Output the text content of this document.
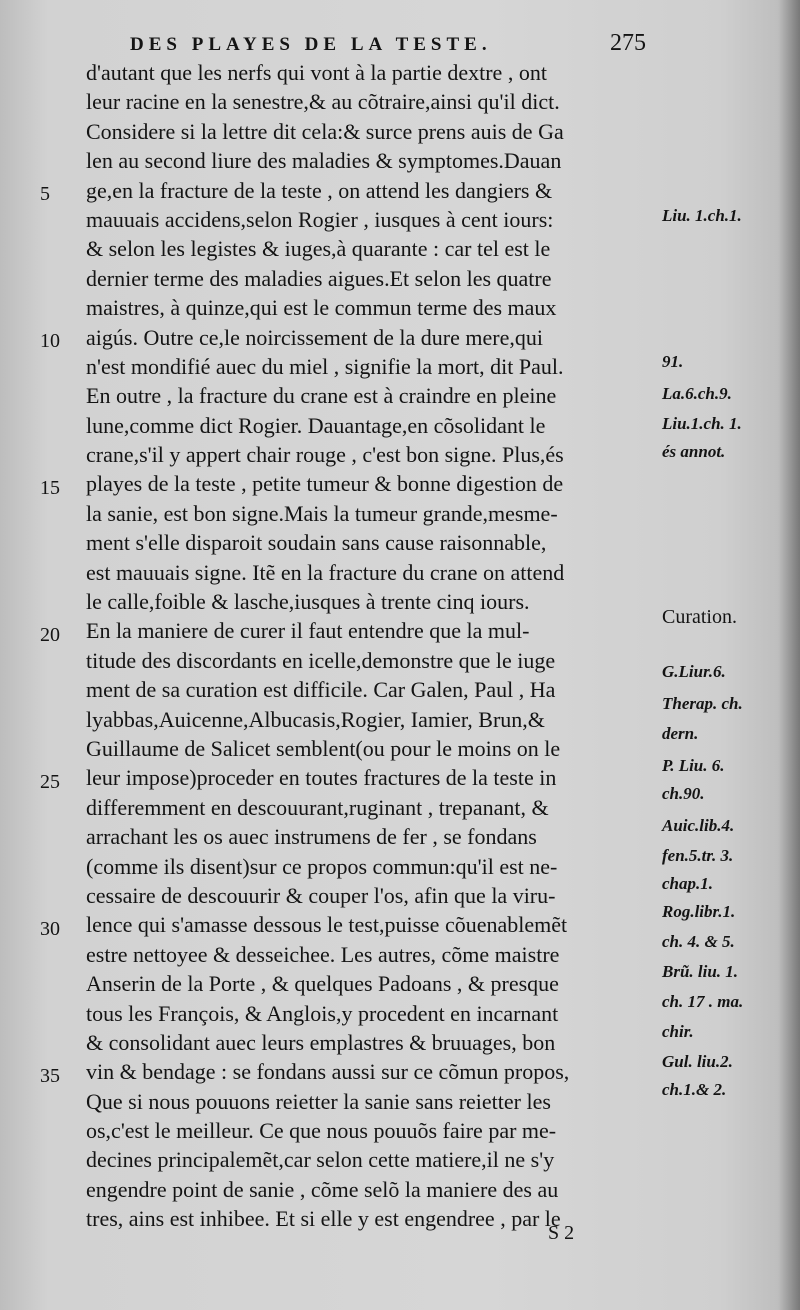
DES PLAYES DE LA TESTE.	275
d'autant que les nerfs qui vont à la partie dextre , ont
leur racine en la senestre,& au cõtraire,ainsi qu'il dict.
Considere si la lettre dit cela:& surce prens auis de Ga
len au second liure des maladies & symptomes.Dauan
ge,en la fracture de la teste , on attend les dangiers &
mauuais accidens,selon Rogier , iusques à cent iours:
& selon les legistes & iuges,à quarante : car tel est le
dernier terme des maladies aigues.Et selon les quatre
maistres, à quinze,qui est le commun terme des maux
aigús. Outre ce,le noircissement de la dure mere,qui
n'est mondifié auec du miel , signifie la mort, dit Paul.
En outre , la fracture du crane est à craindre en pleine
lune,comme dict Rogier. Dauantage,en cõsolidant le
crane,s'il y appert chair rouge , c'est bon signe. Plus,és
playes de la teste , petite tumeur & bonne digestion de
la sanie, est bon signe.Mais la tumeur grande,mesme-
ment s'elle disparoit soudain sans cause raisonnable,
est mauuais signe. Itẽ en la fracture du crane on attend
le calle,foible & lasche,iusques à trente cinq iours.
En la maniere de curer il faut entendre que la mul-
titude des discordants en icelle,demonstre que le iuge
ment de sa curation est difficile. Car Galen, Paul , Ha
lyabbas,Auicenne,Albucasis,Rogier, Iamier, Brun,&
Guillaume de Salicet semblent(ou pour le moins on le
leur impose)proceder en toutes fractures de la teste in
differemment en descouurant,ruginant , trepanant, &
arrachant les os auec instrumens de fer , se fondans
(comme ils disent)sur ce propos commun:qu'il est ne-
cessaire de descouurir & couper l'os, afin que la viru-
lence qui s'amasse dessous le test,puisse cõuenablemẽt
estre nettoyee & desseichee. Les autres, cõme maistre
Anserin de la Porte , & quelques Padoans , & presque
tous les François, & Anglois,y procedent en incarnant
& consolidant auec leurs emplastres & bruuages, bon
vin & bendage : se fondans aussi sur ce cõmun propos,
Que si nous pouuons reietter la sanie sans reietter les
os,c'est le meilleur. Ce que nous pouuõs faire par me-
decines principalemẽt,car selon cette matiere,il ne s'y
engendre point de sanie , cõme selõ la maniere des au
tres, ains est inhibee. Et si elle y est engendree , par le
5
10
15
20
25
30
35
Liu. 1.ch.1.
91.
La.6.ch.9.
Liu.1.ch. 1.
és annot.
Curation.
G.Liur.6.
Therap. ch.
dern.
P. Liu. 6.
ch.90.
Auic.lib.4.
fen.5.tr. 3.
chap.1.
Rog.libr.1.
ch. 4. & 5.
Brũ. liu. 1.
ch. 17 . ma.
chir.
Gul. liu.2.
ch.1.& 2.
S 2
